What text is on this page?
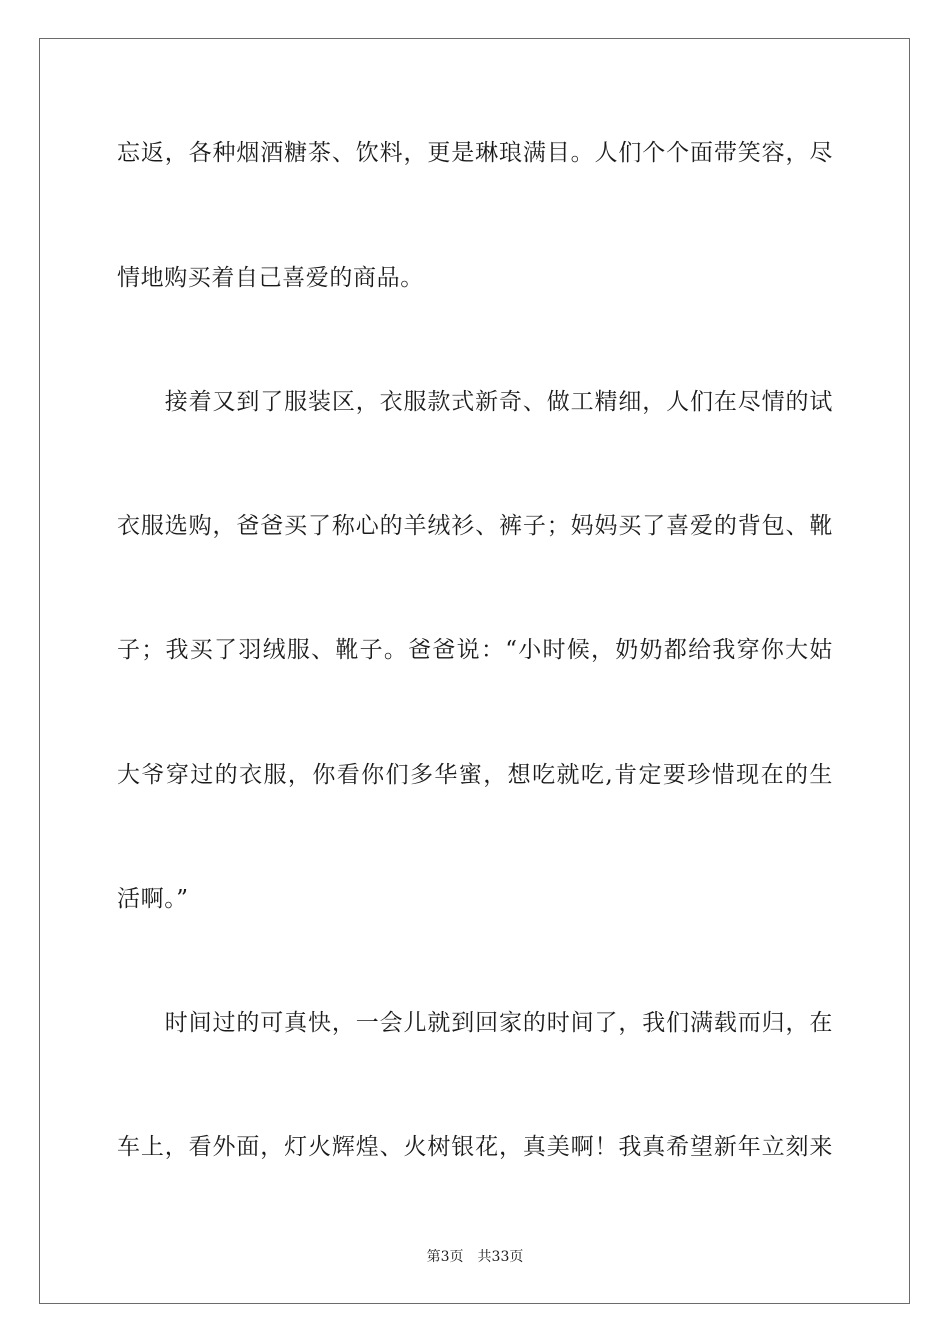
忘返，各种烟酒糖茶、饮料，更是琳琅满目。人们个个面带笑容，尽
情地购买着自己喜爱的商品。
　　接着又到了服装区，衣服款式新奇、做工精细，人们在尽情的试
衣服选购，爸爸买了称心的羊绒衫、裤子；妈妈买了喜爱的背包、靴
子；我买了羽绒服、靴子。爸爸说：“小时候，奶奶都给我穿你大姑
大爷穿过的衣服，你看你们多华蜜，想吃就吃,肯定要珍惜现在的生
活啊。”
　　时间过的可真快，一会儿就到回家的时间了，我们满载而归，在
车上，看外面，灯火辉煌、火树银花，真美啊！我真希望新年立刻来
第3页　共33页
